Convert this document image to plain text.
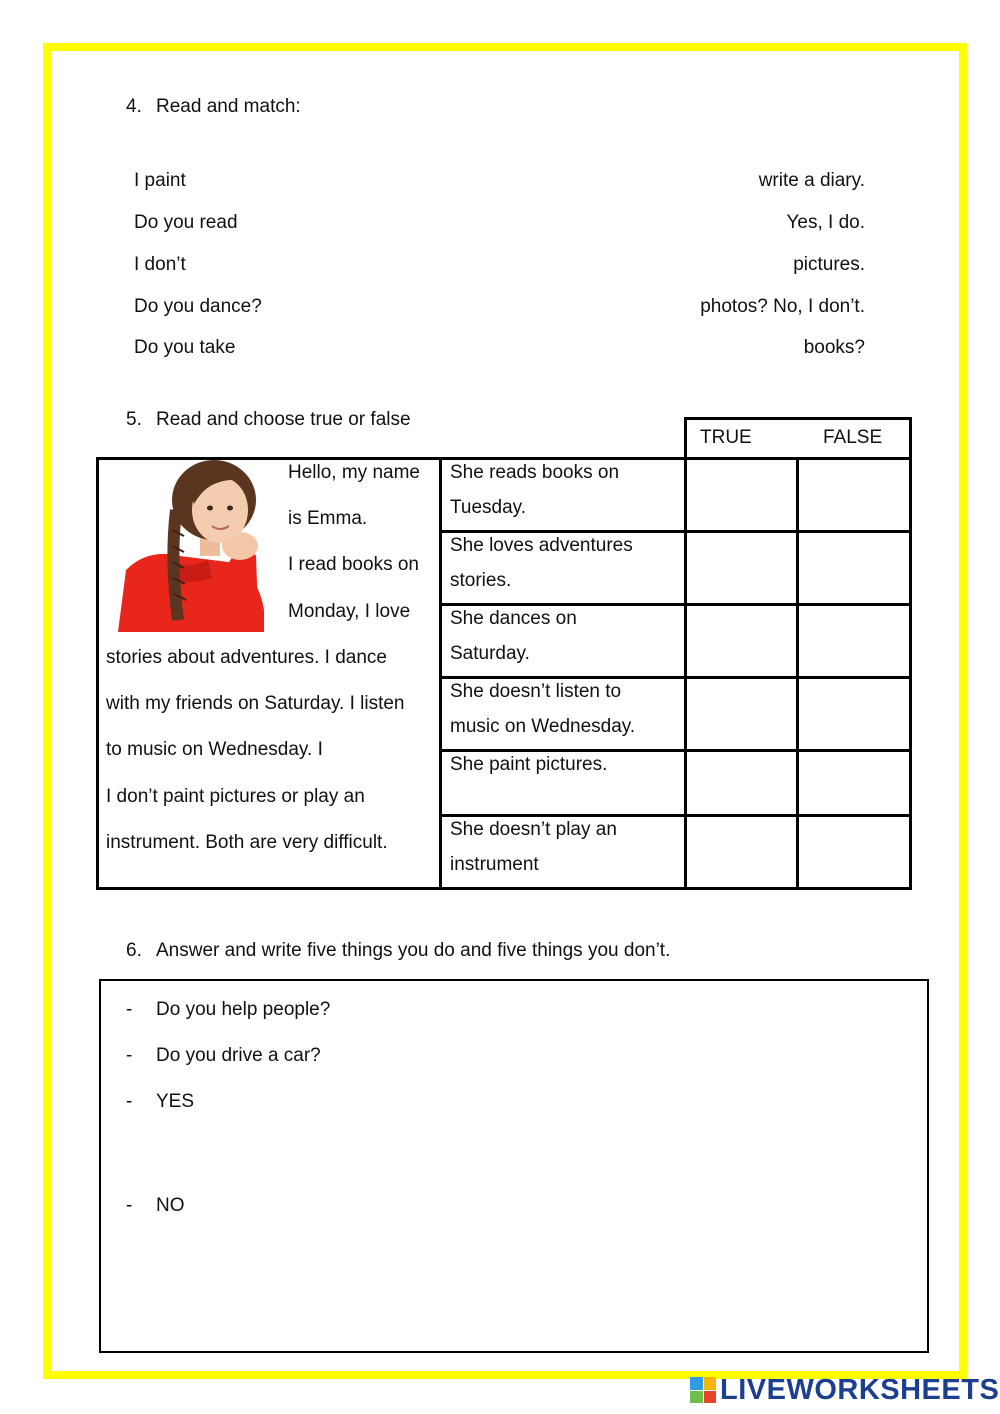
4. Read and match:
I paint
Do you read
I don’t
Do you dance?
Do you take
write a diary.
Yes, I do.
pictures.
photos? No, I don’t.
books?
5. Read and choose true or false
TRUE	FALSE
Hello, my name
is Emma.
I read books on
Monday, I love
stories about adventures. I dance
with my friends on Saturday. I listen
to music on Wednesday. I
I don’t paint pictures or play an
instrument. Both are very difficult.
She reads books on
Tuesday.
She loves adventures
stories.
She dances on
Saturday.
She doesn’t listen to
music on Wednesday.
She paint pictures.
She doesn’t play an
instrument
6. Answer and write five things you do and five things you don’t.
- Do you help people?
- Do you drive a car?
- YES
- NO
LIVEWORKSHEETS
